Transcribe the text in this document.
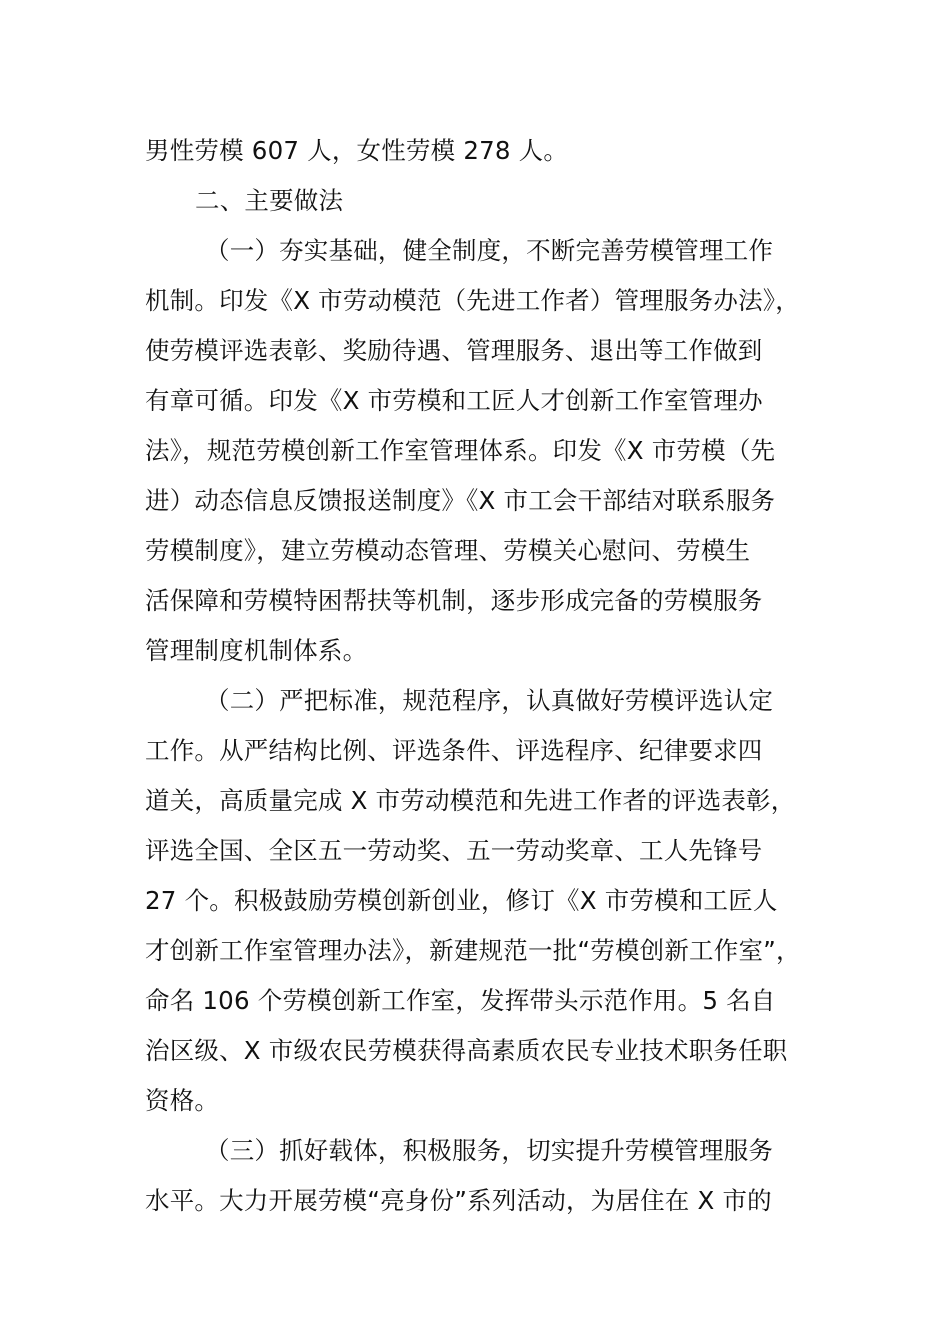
男性劳模 607 人，女性劳模 278 人。
二、主要做法
（一）夯实基础，健全制度，不断完善劳模管理工作
机制。印发《X 市劳动模范（先进工作者）管理服务办法》，
使劳模评选表彰、奖励待遇、管理服务、退出等工作做到
有章可循。印发《X 市劳模和工匠人才创新工作室管理办
法》，规范劳模创新工作室管理体系。印发《X 市劳模（先
进）动态信息反馈报送制度》《X 市工会干部结对联系服务
劳模制度》，建立劳模动态管理、劳模关心慰问、劳模生
活保障和劳模特困帮扶等机制，逐步形成完备的劳模服务
管理制度机制体系。
（二）严把标准，规范程序，认真做好劳模评选认定
工作。从严结构比例、评选条件、评选程序、纪律要求四
道关，高质量完成 X 市劳动模范和先进工作者的评选表彰，
评选全国、全区五一劳动奖、五一劳动奖章、工人先锋号
27 个。积极鼓励劳模创新创业，修订《X 市劳模和工匠人
才创新工作室管理办法》，新建规范一批“劳模创新工作室”，
命名 106 个劳模创新工作室，发挥带头示范作用。5 名自
治区级、X 市级农民劳模获得高素质农民专业技术职务任职
资格。
（三）抓好载体，积极服务，切实提升劳模管理服务
水平。大力开展劳模“亮身份”系列活动，为居住在 X 市的
